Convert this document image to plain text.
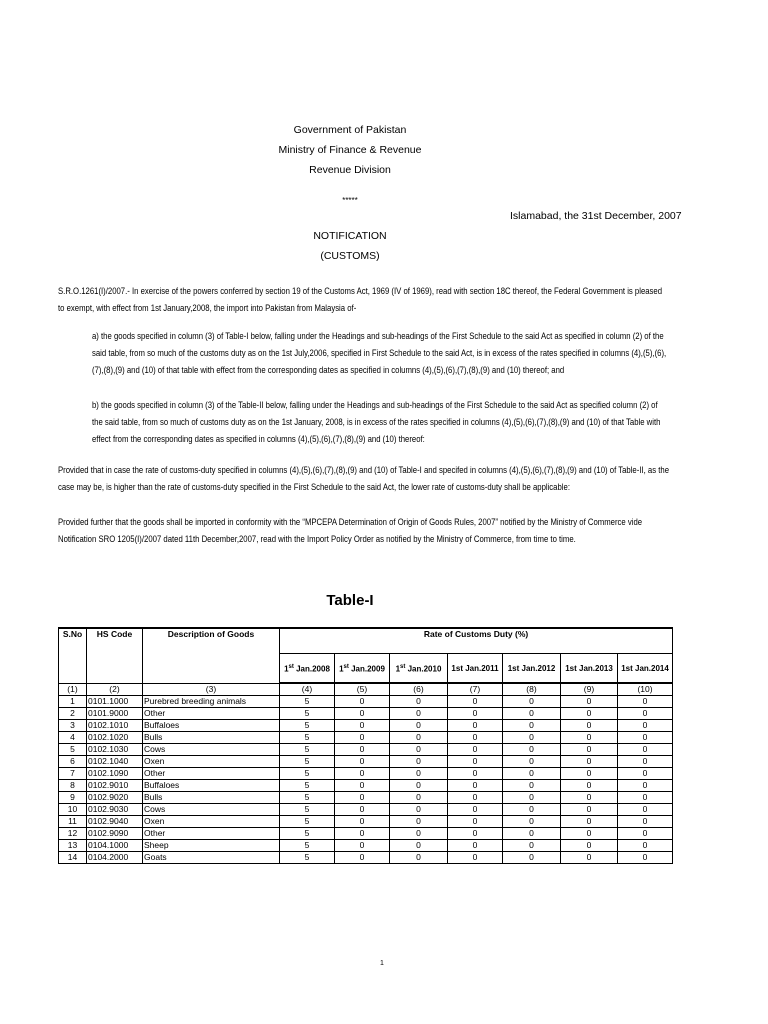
Government of Pakistan
Ministry of Finance & Revenue
Revenue Division
*****
Islamabad, the 31st December, 2007
NOTIFICATION
(CUSTOMS)
S.R.O.1261(I)/2007.- In exercise of the powers conferred by section 19 of the Customs Act, 1969 (IV of 1969), read with section 18C thereof, the Federal Government is pleased to exempt, with effect from 1st January,2008, the import into Pakistan from Malaysia of-
a) the goods specified in column (3) of Table-I below, falling under the Headings and sub-headings of the First Schedule to the said Act as specified in column (2) of the said table, from so much of the customs duty as on the 1st July,2006, specified in First Schedule to the said Act, is in excess of the rates specified in columns (4),(5),(6),(7),(8),(9) and (10) of that table with effect from the corresponding dates as specified in columns (4),(5),(6),(7),(8),(9) and (10) thereof; and
b) the goods specified in column (3) of the Table-II below, falling under the Headings and sub-headings of the First Schedule to the said Act as specified column (2) of the said table, from so much of customs duty as on the 1st January, 2008, is in excess of the rates specified in columns (4),(5),(6),(7),(8),(9) and (10) of that Table with effect from the corresponding dates as specified in columns (4),(5),(6),(7),(8),(9) and (10) thereof:
Provided that in case the rate of customs-duty specified in columns (4),(5),(6),(7),(8),(9) and (10) of Table-I and specifed in columns (4),(5),(6),(7),(8),(9) and (10) of Table-II, as the case may be, is higher than the rate of customs-duty specified in the First Schedule to the said Act, the lower rate of customs-duty shall be applicable:
Provided further that the goods shall be imported in conformity with the “MPCEPA Determination of Origin of Goods Rules, 2007” notified by the Ministry of Commerce vide Notification SRO 1205(I)/2007 dated 11th December,2007, read with the Import Policy Order as notified by the Ministry of Commerce, from time to time.
Table-I
S.No	HS Code	Description of Goods	Rate of Customs Duty (%)						
			1st Jan.2008	1st Jan.2009	1st Jan.2010	1st Jan.2011	1st Jan.2012	1st Jan.2013	1st Jan.2014
(1)	(2)	(3)	(4)	(5)	(6)	(7)	(8)	(9)	(10)
1	0101.1000	Purebred breeding animals	5	0	0	0	0	0	0
2	0101.9000	Other	5	0	0	0	0	0	0
3	0102.1010	Buffaloes	5	0	0	0	0	0	0
4	0102.1020	Bulls	5	0	0	0	0	0	0
5	0102.1030	Cows	5	0	0	0	0	0	0
6	0102.1040	Oxen	5	0	0	0	0	0	0
7	0102.1090	Other	5	0	0	0	0	0	0
8	0102.9010	Buffaloes	5	0	0	0	0	0	0
9	0102.9020	Bulls	5	0	0	0	0	0	0
10	0102.9030	Cows	5	0	0	0	0	0	0
11	0102.9040	Oxen	5	0	0	0	0	0	0
12	0102.9090	Other	5	0	0	0	0	0	0
13	0104.1000	Sheep	5	0	0	0	0	0	0
14	0104.2000	Goats	5	0	0	0	0	0	0
1
